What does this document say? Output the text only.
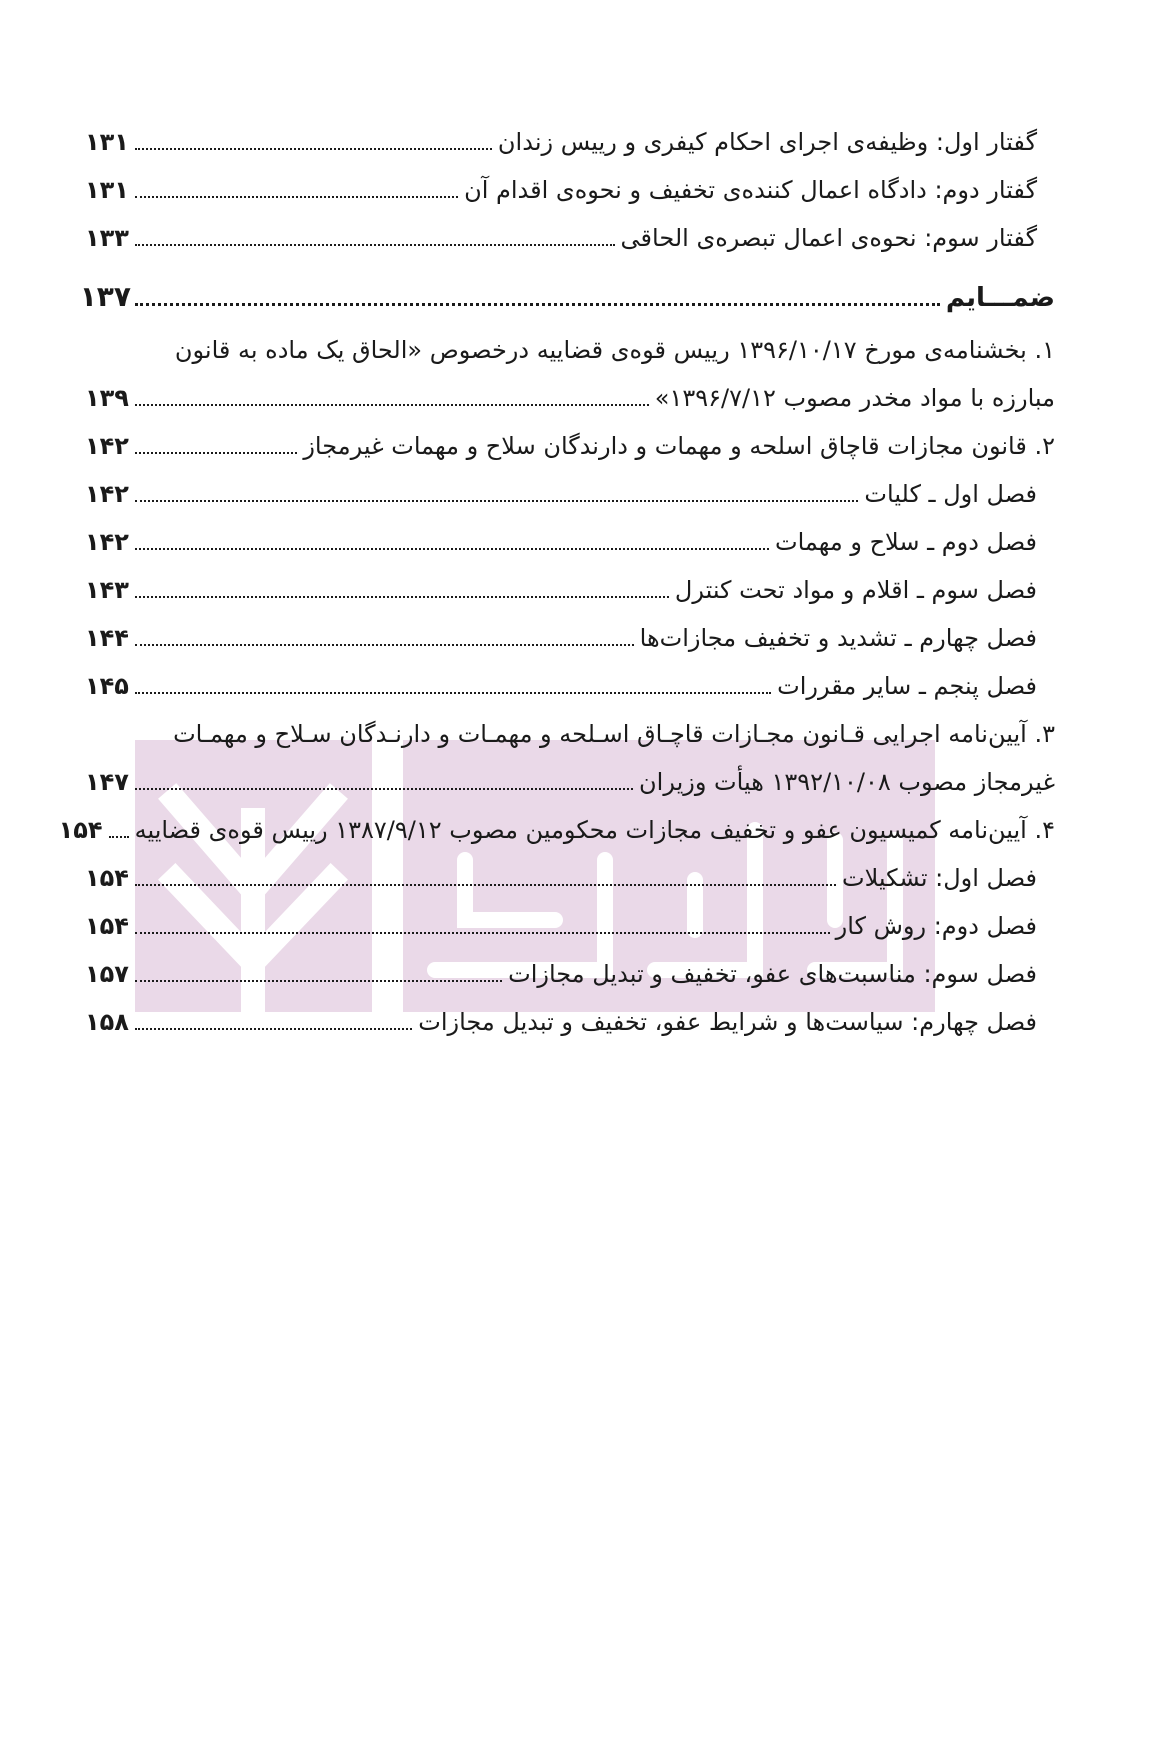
گفتار اول: وظیفه‌ی اجرای احکام کیفری و رییس زندان
۱۳۱
گفتار دوم: دادگاه اعمال کننده‌ی تخفیف و نحوه‌ی اقدام آن
۱۳۱
گفتار سوم: نحوه‌ی اعمال تبصره‌ی الحاقی
۱۳۳
ضمـــایم
۱۳۷
۱. بخشنامه‌ی مورخ ۱۳۹۶/۱۰/۱۷ رییس قوه‌ی قضاییه درخصوص «الحاق یک ماده به قانون
مبارزه با مواد مخدر مصوب ۱۳۹۶/۷/۱۲»
۱۳۹
۲. قانون مجازات قاچاق اسلحه و مهمات و دارندگان سلاح و مهمات غیرمجاز
۱۴۲
فصل اول ـ کلیات
۱۴۲
فصل دوم ـ سلاح و مهمات
۱۴۲
فصل سوم ـ اقلام و مواد تحت کنترل
۱۴۳
فصل چهارم ـ تشدید و تخفیف مجازات‌ها
۱۴۴
فصل پنجم ـ سایر مقررات
۱۴۵
۳. آیین‌نامه اجرایی قـانون مجـازات قاچـاق اسـلحه و مهمـات و دارنـدگان سـلاح و مهمـات
غیرمجاز مصوب ۱۳۹۲/۱۰/۰۸ هیأت وزیران
۱۴۷
۴. آیین‌نامه کمیسیون عفو و تخفیف مجازات محکومین مصوب ۱۳۸۷/۹/۱۲ رییس قوه‌ی قضاییه
۱۵۴
فصل اول: تشکیلات
۱۵۴
فصل دوم: روش کار
۱۵۴
فصل سوم: مناسبت‌های عفو، تخفیف و تبدیل مجازات
۱۵۷
فصل چهارم: سیاست‌ها و شرایط عفو، تخفیف و تبدیل مجازات
۱۵۸
